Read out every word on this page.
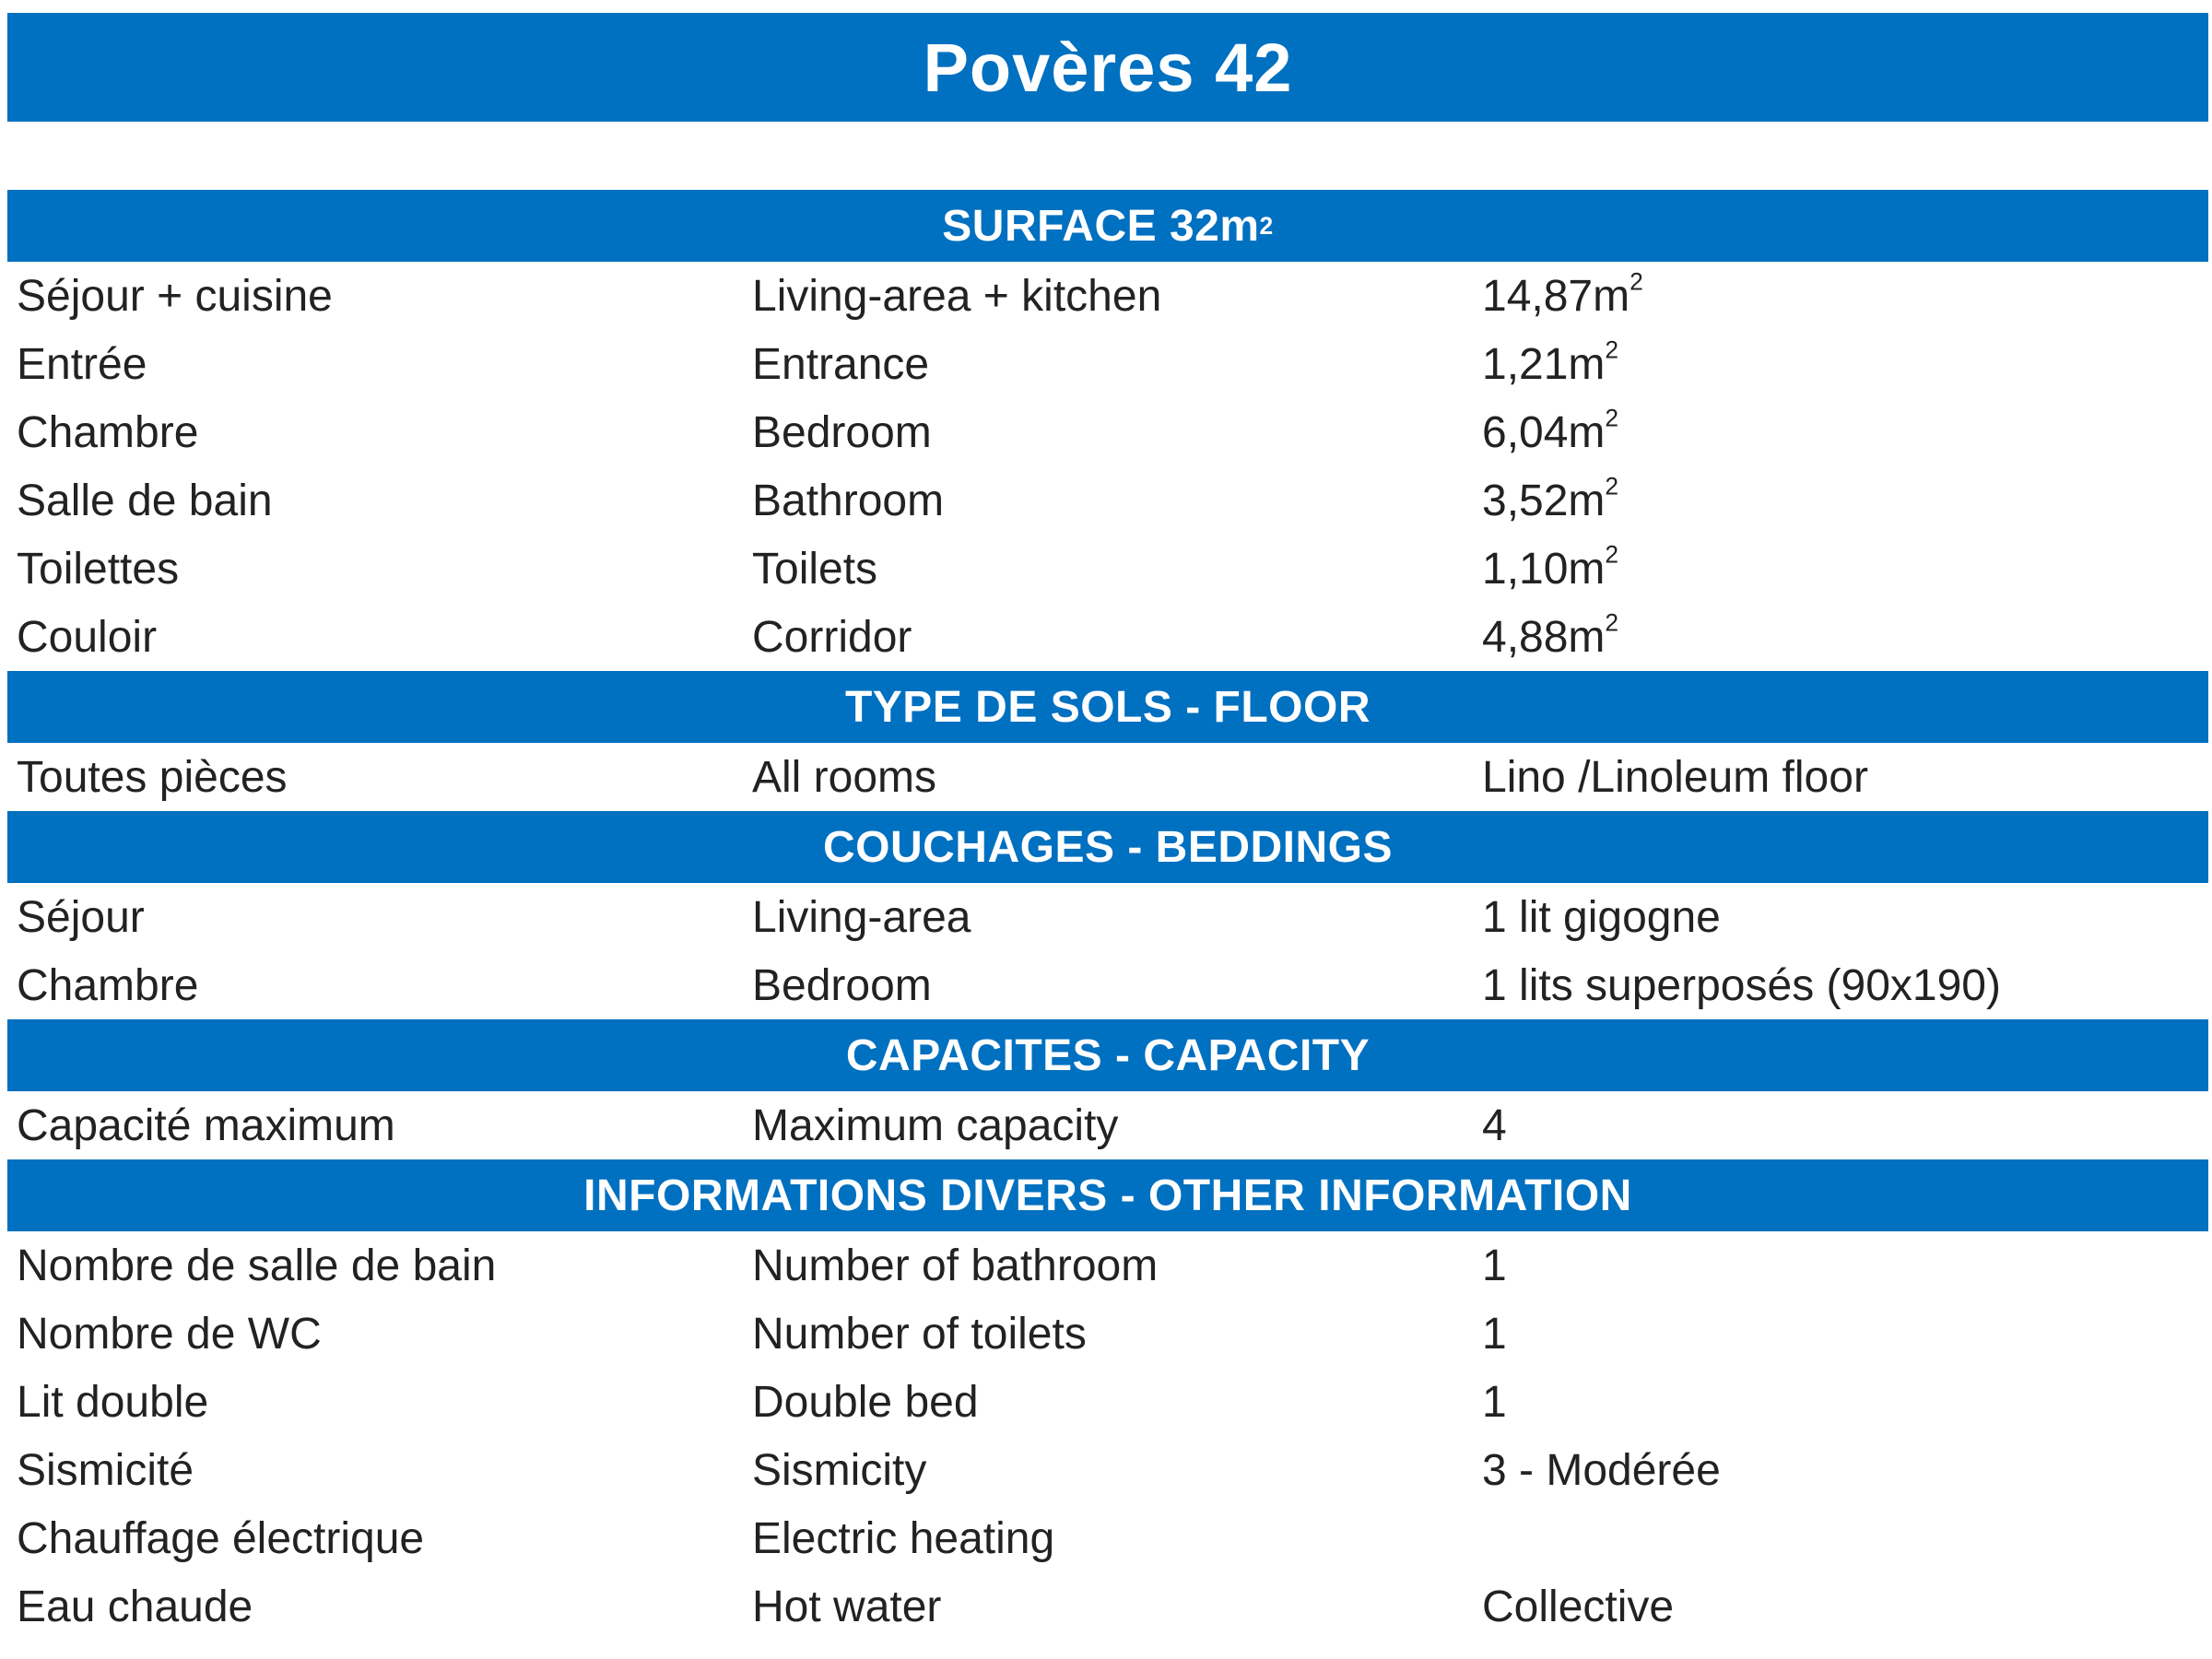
Povères 42
SURFACE 32m 2
Séjour + cuisine	Living-area + kitchen	$14,87m^2$
Entrée	Entrance	$1,21m^2$
Chambre	Bedroom	$6,04m^2$
Salle de bain	Bathroom	$3,52m^2$
Toilettes	Toilets	$1,10m^2$
Couloir	Corridor	$4,88m^2$
TYPE DE SOLS - FLOOR
Toutes pièces	All rooms	Lino /Linoleum floor
COUCHAGES - BEDDINGS
Séjour	Living-area	1 lit gigogne
Chambre	Bedroom	1 lits superposés (90x190)
CAPACITES - CAPACITY
Capacité maximum	Maximum capacity	4
INFORMATIONS DIVERS - OTHER INFORMATION
Nombre de salle de bain	Number of bathroom	1
Nombre de WC	Number of toilets	1
Lit double	Double bed	1
Sismicité	Sismicity	3 - Modérée
Chauffage électrique	Electric heating
Eau chaude	Hot water	Collective
